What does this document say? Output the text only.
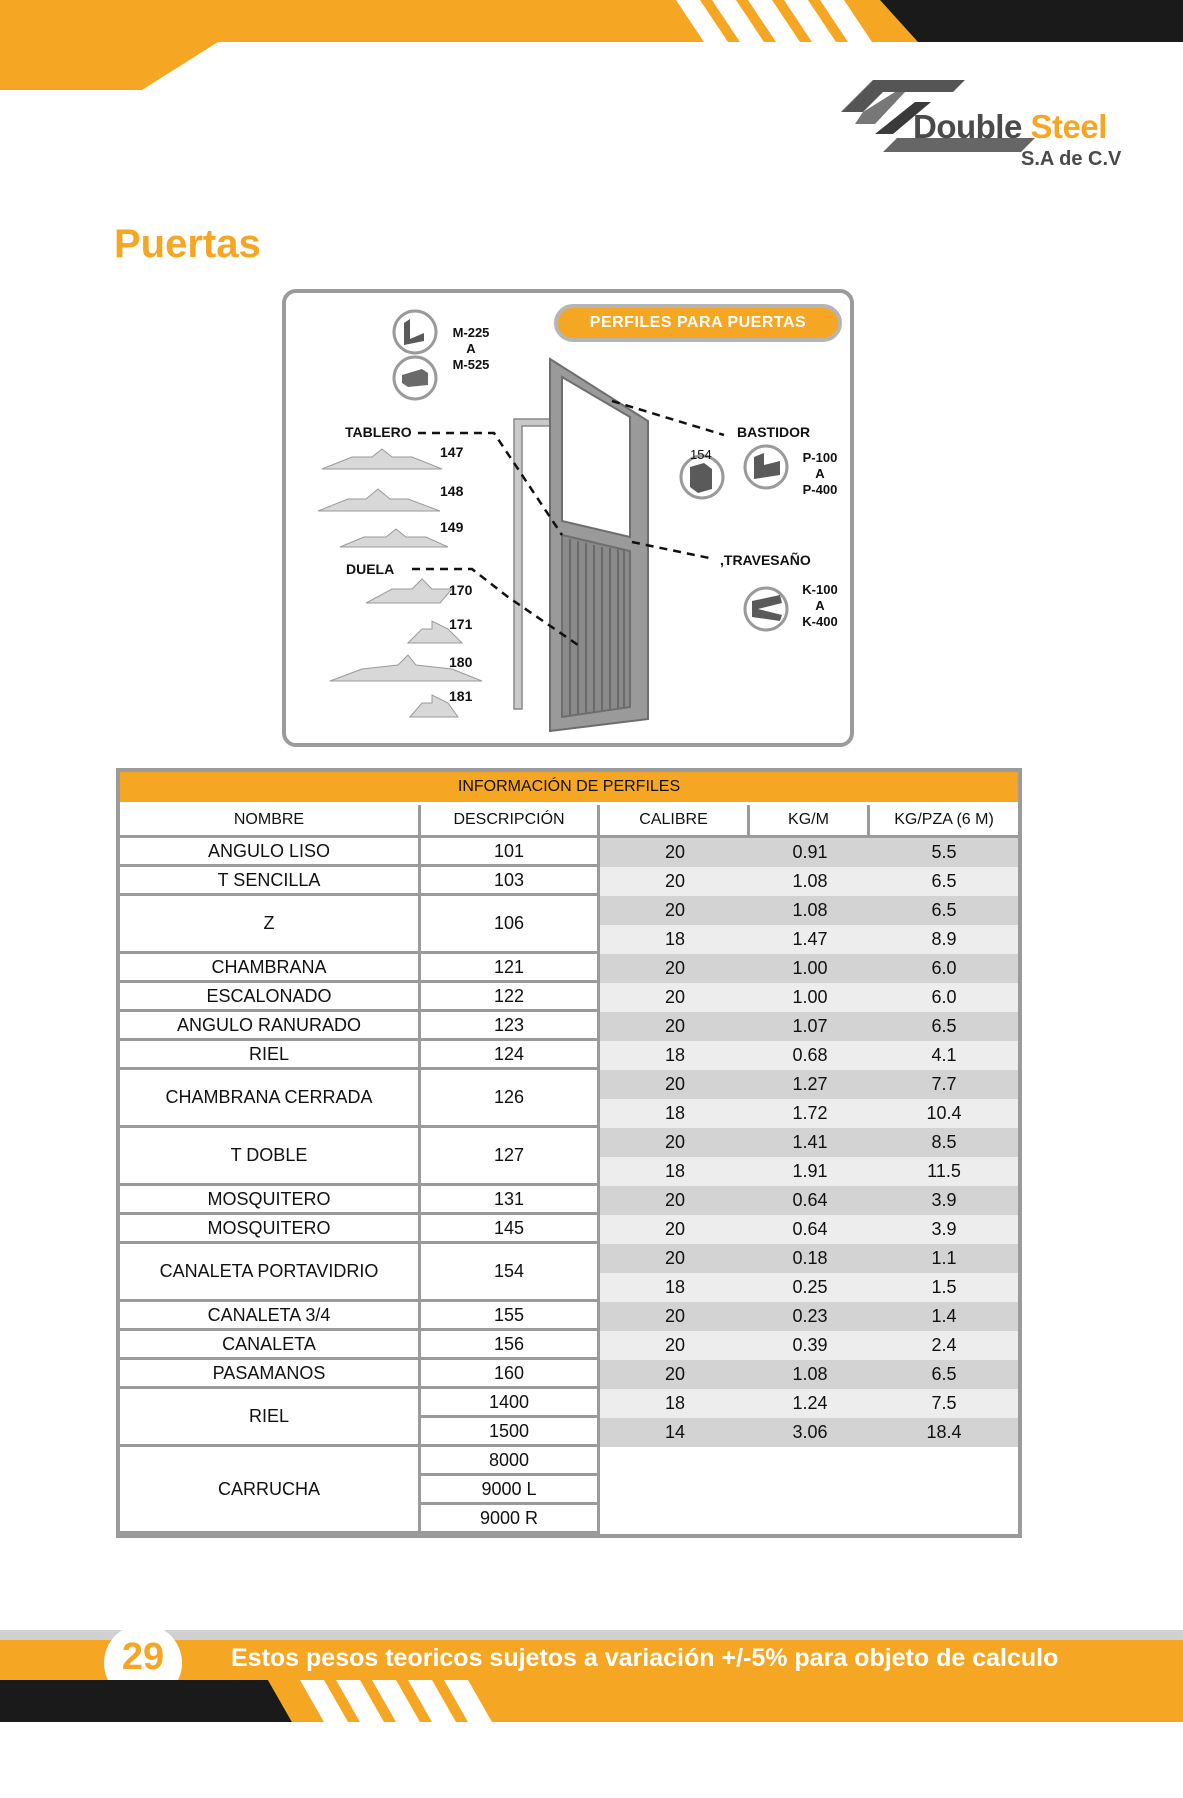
Double Steel
S.A de C.V
Puertas
PERFILES PARA PUERTAS
M-225
A
M-525
TABLERO
147
148
149
DUELA
170
171
180
181
BASTIDOR
154	P-100
A
P-400
,TRAVESAÑO
K-100
A
K-400
INFORMACIÓN DE PERFILES				
NOMBRE	DESCRIPCIÓN	CALIBRE	KG/M	KG/PZA (6 M)
ANGULO LISO	101	20	0.91	5.5
T SENCILLA	103	20	1.08	6.5
Z	106	20	1.08	6.5
		18	1.47	8.9
CHAMBRANA	121	20	1.00	6.0
ESCALONADO	122	20	1.00	6.0
ANGULO RANURADO	123	20	1.07	6.5
RIEL	124	18	0.68	4.1
CHAMBRANA CERRADA	126	20	1.27	7.7
		18	1.72	10.4
T DOBLE	127	20	1.41	8.5
		18	1.91	11.5
MOSQUITERO	131	20	0.64	3.9
MOSQUITERO	145	20	0.64	3.9
CANALETA PORTAVIDRIO	154	20	0.18	1.1
		18	0.25	1.5
CANALETA 3/4	155	20	0.23	1.4
CANALETA	156	20	0.39	2.4
PASAMANOS	160	20	1.08	6.5
RIEL	1400	18	1.24	7.5
	1500	14	3.06	18.4
CARRUCHA	8000			
	9000 L			
	9000 R			
Estos pesos teoricos sujetos a variación +/-5% para objeto de calculo
29
